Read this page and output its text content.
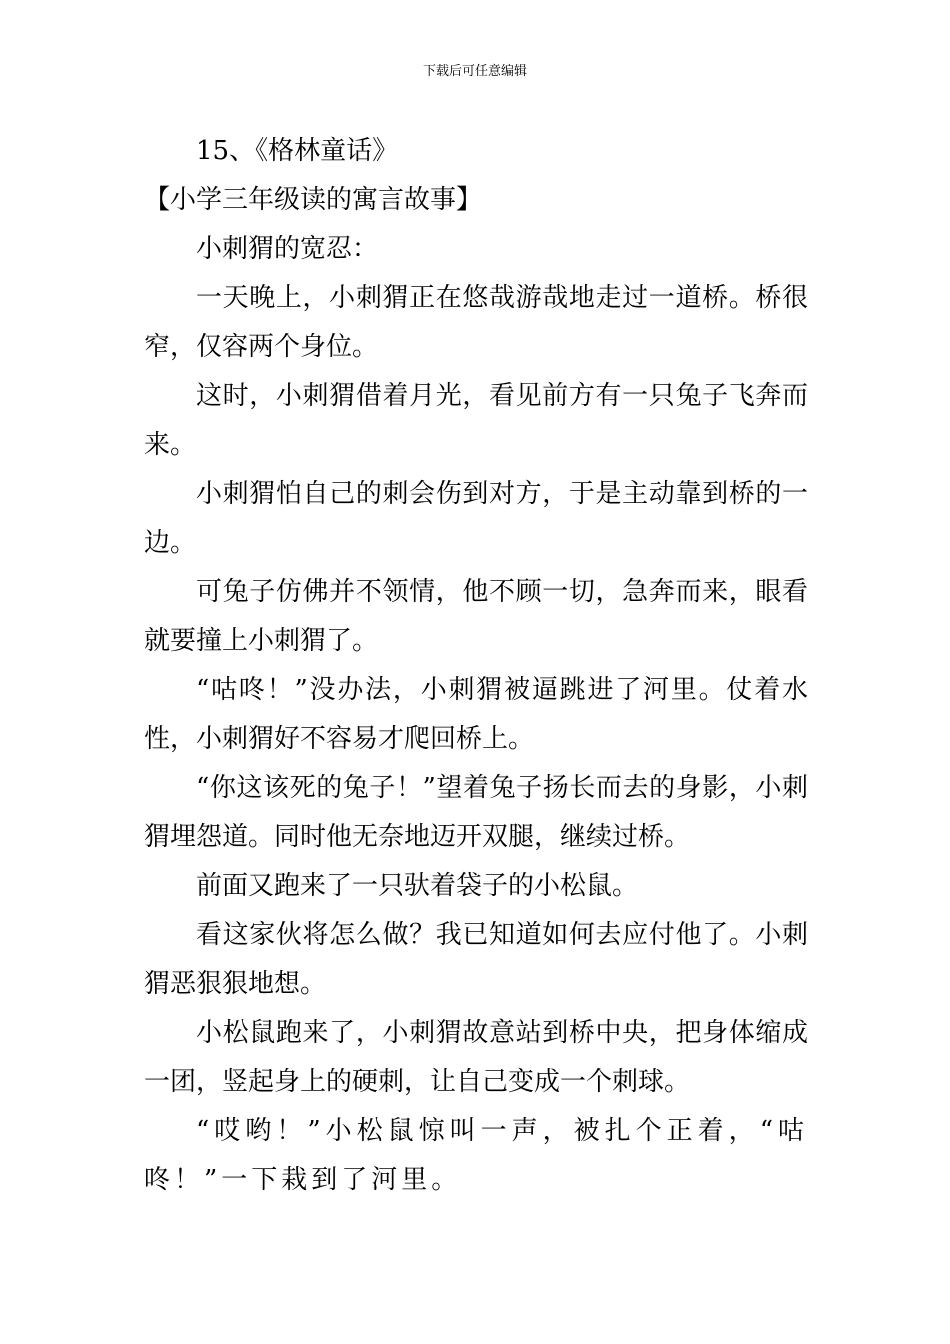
下载后可任意编辑

15、《格林童话》

【小学三年级读的寓言故事】

小刺猬的宽忍：

一天晚上，小刺猬正在悠哉游哉地走过一道桥。桥很窄，仅容两个身位。

这时，小刺猬借着月光，看见前方有一只兔子飞奔而来。

小刺猬怕自己的刺会伤到对方，于是主动靠到桥的一边。

可兔子仿佛并不领情，他不顾一切，急奔而来，眼看就要撞上小刺猬了。

“咕咚！”没办法，小刺猬被逼跳进了河里。仗着水性，小刺猬好不容易才爬回桥上。

“你这该死的兔子！”望着兔子扬长而去的身影，小刺猬埋怨道。同时他无奈地迈开双腿，继续过桥。

前面又跑来了一只驮着袋子的小松鼠。

看这家伙将怎么做？我已知道如何去应付他了。小刺猬恶狠狠地想。

小松鼠跑来了，小刺猬故意站到桥中央，把身体缩成一团，竖起身上的硬刺，让自己变成一个刺球。

“哎哟！”小松鼠惊叫一声，被扎个正着，“咕咚！”一下栽到了河里。
